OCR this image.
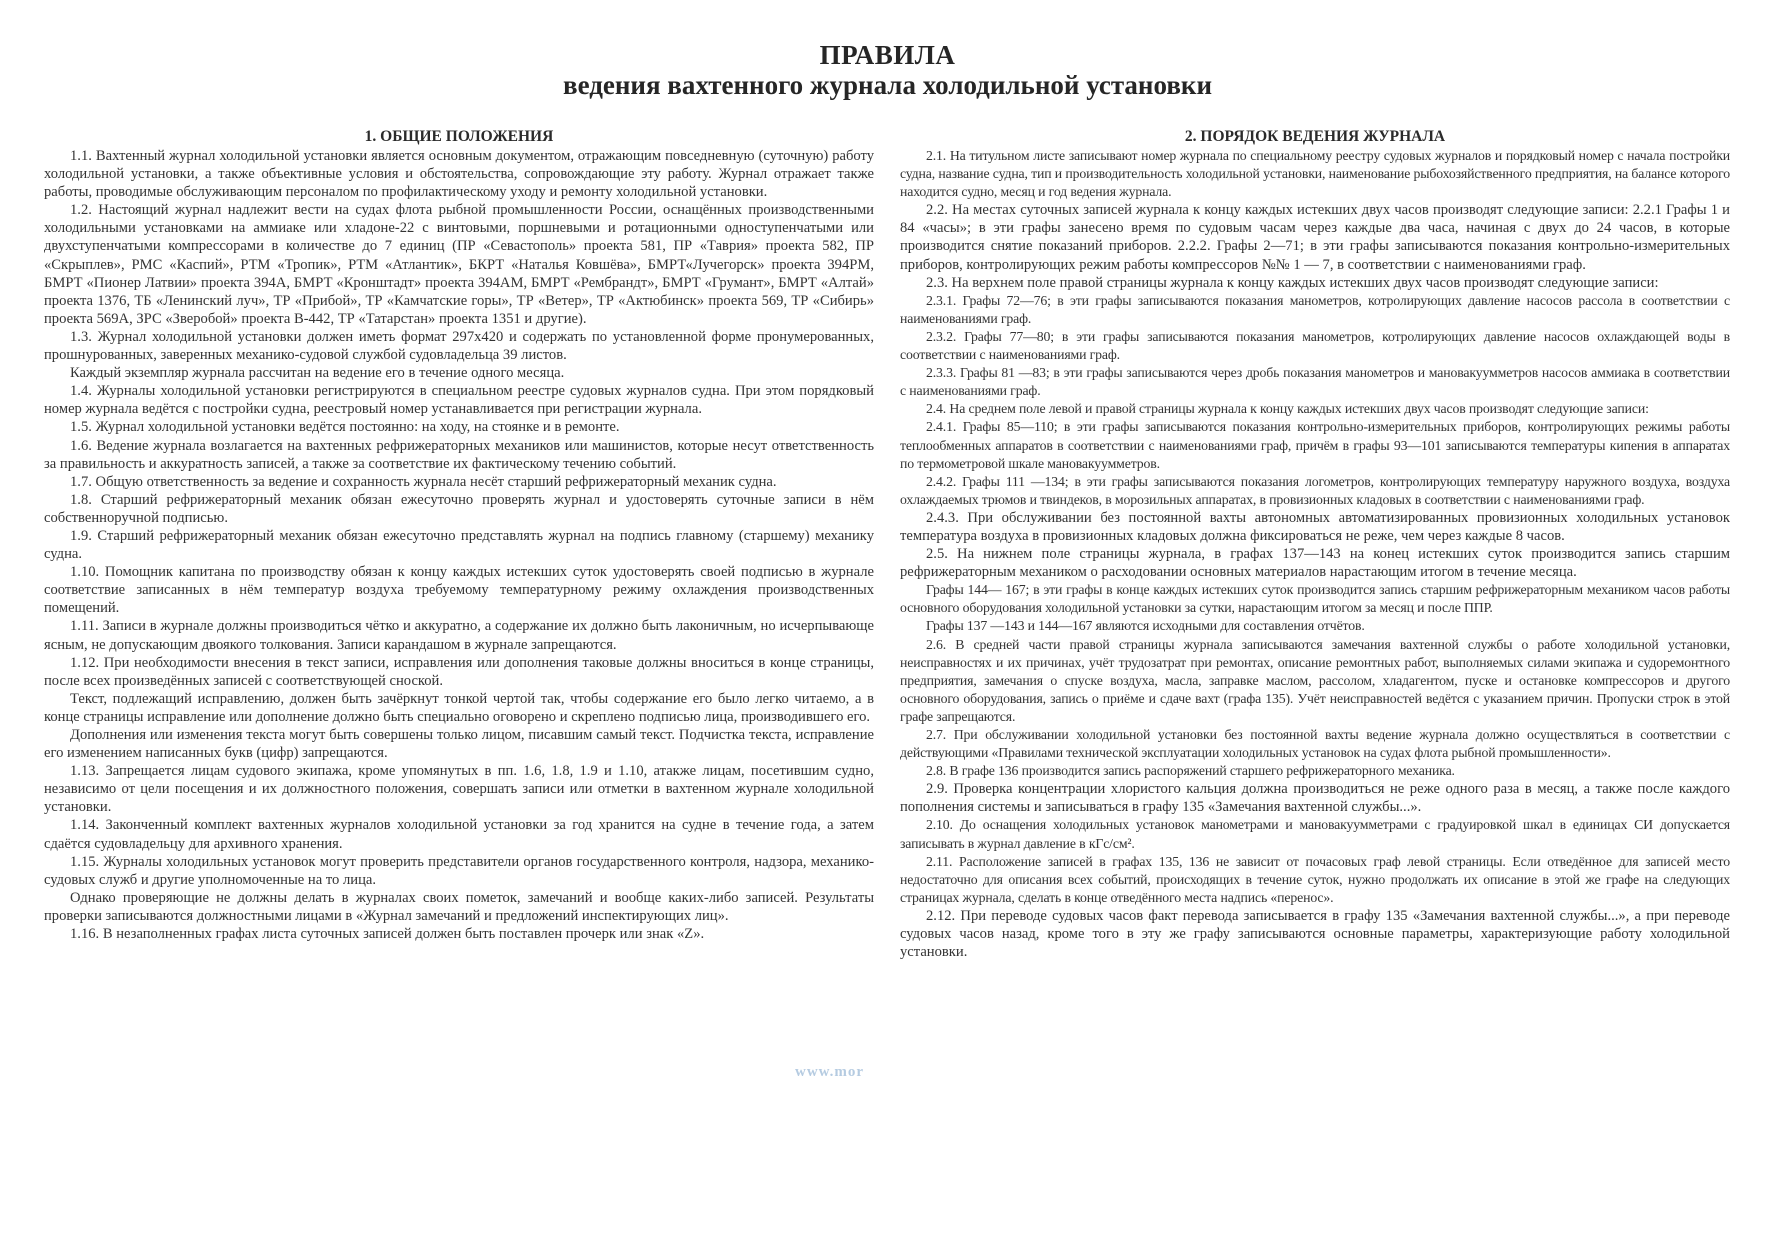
ПРАВИЛА
ведения вахтенного журнала холодильной установки
1. ОБЩИЕ ПОЛОЖЕНИЯ

1.1. Вахтенный журнал холодильной установки является основным документом, отражающим повседневную (суточную) работу холодильной установки, а также объективные условия и обстоятельства, сопровождающие эту работу. Журнал отражает также работы, проводимые обслуживающим персоналом по профилактическому уходу и ремонту холодильной установки.

1.2. Настоящий журнал надлежит вести на судах флота рыбной промышленности России, оснащённых производственными холодильными установками на аммиаке или хладоне-22 с винтовыми, поршневыми и ротационными одноступенчатыми или двухступенчатыми компрессорами в количестве до 7 единиц (ПР «Севастополь» проекта 581, ПР «Таврия» проекта 582, ПР «Скрыплев», РМС «Каспий», РТМ «Тропик», РТМ «Атлантик», БКРТ «Наталья Ковшёва», БМРТ«Лучегорск» проекта 394РМ, БМРТ «Пионер Латвии» проекта 394А, БМРТ «Кронштадт» проекта 394АМ, БМРТ «Рембрандт», БМРТ «Грумант», БМРТ «Алтай» проекта 1376, ТБ «Ленинский луч», ТР «Прибой», ТР «Камчатские горы», ТР «Ветер», ТР «Актюбинск» проекта 569, ТР «Сибирь» проекта 569А, ЗРС «Зверобой» проекта В-442, ТР «Татарстан» проекта 1351 и другие).

1.3. Журнал холодильной установки должен иметь формат 297х420 и содержать по установленной форме пронумерованных, прошнурованных, заверенных механико-судовой службой судовладельца 39 листов.

Каждый экземпляр журнала рассчитан на ведение его в течение одного месяца.

1.4. Журналы холодильной установки регистрируются в специальном реестре судовых журналов судна. При этом порядковый номер журнала ведётся с постройки судна, реестровый номер устанавливается при регистрации журнала.

1.5. Журнал холодильной установки ведётся постоянно: на ходу, на стоянке и в ремонте.

1.6. Ведение журнала возлагается на вахтенных рефрижераторных механиков или машинистов, которые несут ответственность за правильность и аккуратность записей, а также за соответствие их фактическому течению событий.

1.7. Общую ответственность за ведение и сохранность журнала несёт старший рефрижераторный механик судна.

1.8. Старший рефрижераторный механик обязан ежесуточно проверять журнал и удостоверять суточные записи в нём собственноручной подписью.

1.9. Старший рефрижераторный механик обязан ежесуточно представлять журнал на подпись главному (старшему) механику судна.

1.10. Помощник капитана по производству обязан к концу каждых истекших суток удостоверять своей подписью в журнале соответствие записанных в нём температур воздуха требуемому температурному режиму охлаждения производственных помещений.

1.11. Записи в журнале должны производиться чётко и аккуратно, а содержание их должно быть лаконичным, но исчерпывающе ясным, не допускающим двоякого толкования. Записи карандашом в журнале запрещаются.

1.12. При необходимости внесения в текст записи, исправления или дополнения таковые должны вноситься в конце страницы, после всех произведённых записей с соответствующей сноской.

Текст, подлежащий исправлению, должен быть зачёркнут тонкой чертой так, чтобы содержание его было легко читаемо, а в конце страницы исправление или дополнение должно быть специально оговорено и скреплено подписью лица, производившего его.

Дополнения или изменения текста могут быть совершены только лицом, писавшим самый текст. Подчистка текста, исправление его изменением написанных букв (цифр) запрещаются.

1.13. Запрещается лицам судового экипажа, кроме упомянутых в пп. 1.6, 1.8, 1.9 и 1.10, атакже лицам, посетившим судно, независимо от цели посещения и их должностного положения, совершать записи или отметки в вахтенном журнале холодильной установки.

1.14. Законченный комплект вахтенных журналов холодильной установки за год хранится на судне в течение года, а затем сдаётся судовладельцу для архивного хранения.

1.15. Журналы холодильных установок могут проверить представители органов государственного контроля, надзора, механико-судовых служб и другие уполномоченные на то лица.

Однако проверяющие не должны делать в журналах своих пометок, замечаний и вообще каких-либо записей. Результаты проверки записываются должностными лицами в «Журнал замечаний и предложений инспектирующих лиц».

1.16. В незаполненных графах листа суточных записей должен быть поставлен прочерк или знак «Z».

2. ПОРЯДОК ВЕДЕНИЯ ЖУРНАЛА

2.1. На титульном листе записывают номер журнала по специальному реестру судовых журналов и порядковый номер с начала постройки судна, название судна, тип и производительность холодильной установки, наименование рыбохозяйственного предприятия, на балансе которого находится судно, месяц и год ведения журнала.

2.2. На местах суточных записей журнала к концу каждых истекших двух часов производят следующие записи: 2.2.1 Графы 1 и 84 «часы»; в эти графы занесено время по судовым часам через каждые два часа, начиная с двух до 24 часов, в которые производится снятие показаний приборов. 2.2.2. Графы 2—71; в эти графы записываются показания контрольно-измерительных приборов, контролирующих режим работы компрессоров №№ 1 — 7, в соответствии с наименованиями граф.

2.3. На верхнем поле правой страницы журнала к концу каждых истекших двух часов производят следующие записи:

2.3.1. Графы 72—76; в эти графы записываются показания манометров, котролирующих давление насосов рассола в соответствии с наименованиями граф.

2.3.2. Графы 77—80; в эти графы записываются показания манометров, котролирующих давление насосов охлаждающей воды в соответствии с наименованиями граф.

2.3.3. Графы 81 —83; в эти графы записываются через дробь показания манометров и мановакуумметров насосов аммиака в соответствии с наименованиями граф.

2.4. На среднем поле левой и правой страницы журнала к концу каждых истекших двух часов производят следующие записи:

2.4.1. Графы 85—110; в эти графы записываются показания контрольно-измерительных приборов, контролирующих режимы работы теплообменных аппаратов в соответствии с наименованиями граф, причём в графы 93—101 записываются температуры кипения в аппаратах по термометровой шкале мановакуумметров.

2.4.2. Графы 111 —134; в эти графы записываются показания логометров, контролирующих температуру наружного воздуха, воздуха охлаждаемых трюмов и твиндеков, в морозильных аппаратах, в провизионных кладовых в соответствии с наименованиями граф.

2.4.3. При обслуживании без постоянной вахты автономных автоматизированных провизионных холодильных установок температура воздуха в провизионных кладовых должна фиксироваться не реже, чем через каждые 8 часов.

2.5. На нижнем поле страницы журнала, в графах 137—143 на конец истекших суток производится запись старшим рефрижераторным механиком о расходовании основных материалов нарастающим итогом в течение месяца.

Графы 144— 167; в эти графы в конце каждых истекших суток производится запись старшим рефрижераторным механиком часов работы основного оборудования холодильной установки за сутки, нарастающим итогом за месяц и после ППР.

Графы 137 —143 и 144—167 являются исходными для составления отчётов.

2.6. В средней части правой страницы журнала записываются замечания вахтенной службы о работе холодильной установки, неисправностях и их причинах, учёт трудозатрат при ремонтах, описание ремонтных работ, выполняемых силами экипажа и судоремонтного предприятия, замечания о спуске воздуха, масла, заправке маслом, рассолом, хладагентом, пуске и остановке компрессоров и другого основного оборудования, запись о приёме и сдаче вахт (графа 135). Учёт неисправностей ведётся с указанием причин. Пропуски строк в этой графе запрещаются.

2.7. При обслуживании холодильной установки без постоянной вахты ведение журнала должно осуществляться в соответствии с действующими «Правилами технической эксплуатации холодильных установок на судах флота рыбной промышленности».

2.8. В графе 136 производится запись распоряжений старшего рефрижераторного механика.

2.9. Проверка концентрации хлористого кальция должна производиться не реже одного раза в месяц, а также после каждого пополнения системы и записываться в графу 135 «Замечания вахтенной службы...».

2.10. До оснащения холодильных установок манометрами и мановакуумметрами с градуировкой шкал в единицах СИ допускается записывать в журнал давление в кГс/см².

2.11. Расположение записей в графах 135, 136 не зависит от почасовых граф левой страницы. Если отведённое для записей место недостаточно для описания всех событий, происходящих в течение суток, нужно продолжать их описание в этой же графе на следующих страницах журнала, сделать в конце отведённого места надпись «перенос».

2.12. При переводе судовых часов факт перевода записывается в графу 135 «Замечания вахтенной службы...», а при переводе судовых часов назад, кроме того в эту же графу записываются основные параметры, характеризующие работу холодильной установки.

www.mor
